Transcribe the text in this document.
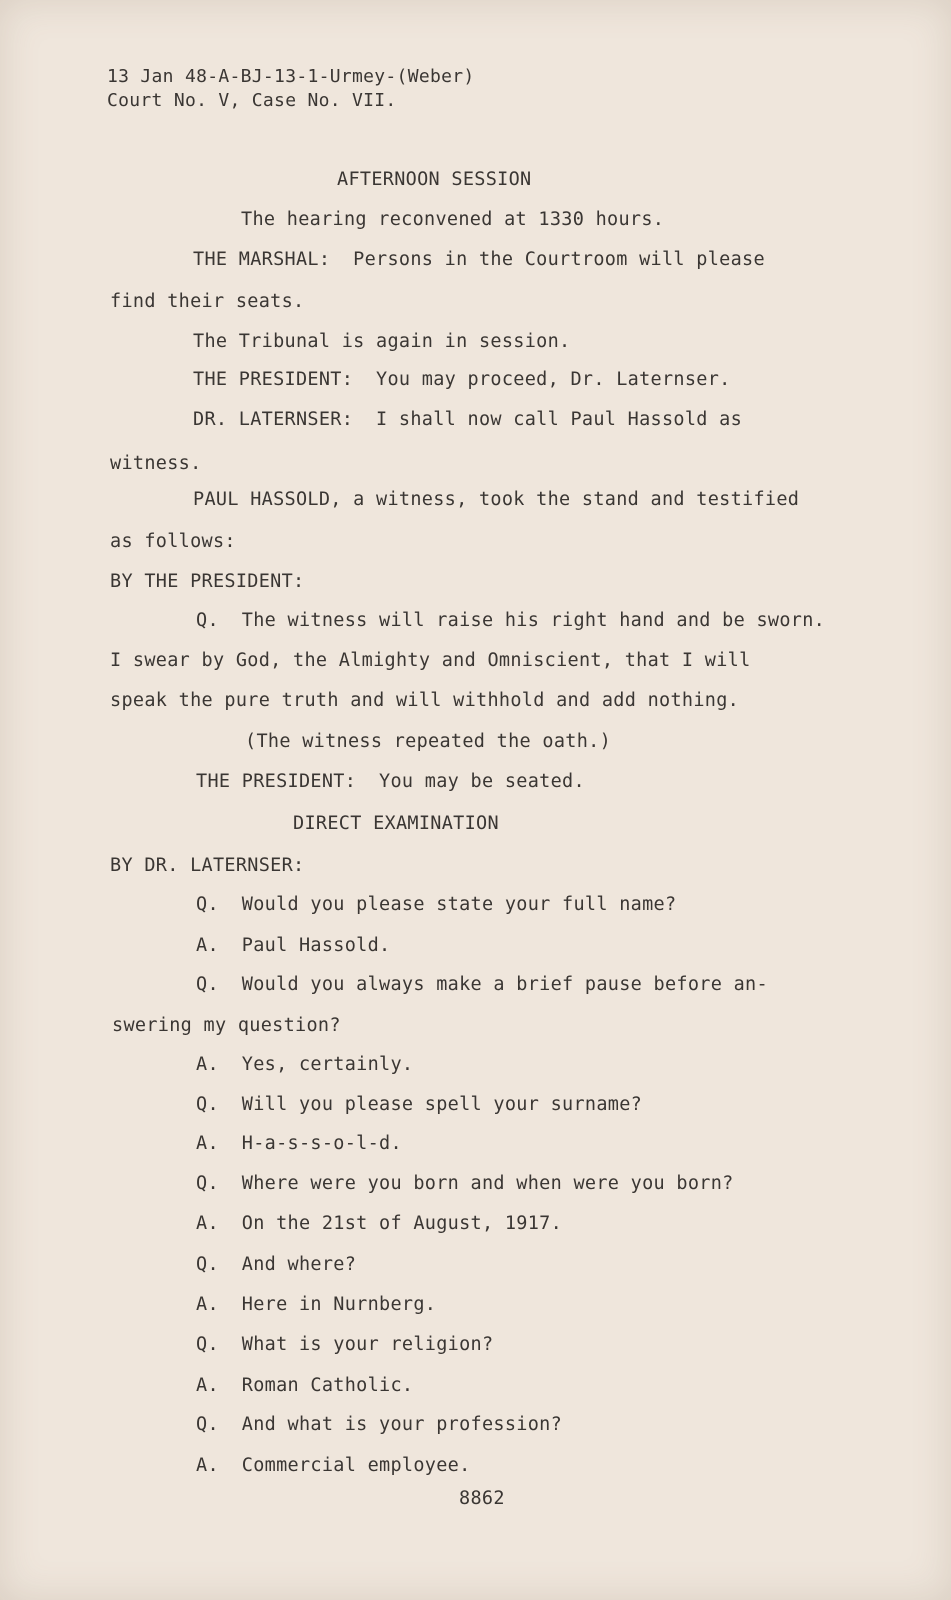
13 Jan 48-A-BJ-13-1-Urmey-(Weber)
Court No. V, Case No. VII.
AFTERNOON SESSION
The hearing reconvened at 1330 hours.
THE MARSHAL: Persons in the Courtroom will please
find their seats.
The Tribunal is again in session.
THE PRESIDENT: You may proceed, Dr. Laternser.
DR. LATERNSER: I shall now call Paul Hassold as
witness.
PAUL HASSOLD, a witness, took the stand and testified
as follows:
BY THE PRESIDENT:
Q. The witness will raise his right hand and be sworn.
I swear by God, the Almighty and Omniscient, that I will
speak the pure truth and will withhold and add nothing.
(The witness repeated the oath.)
THE PRESIDENT: You may be seated.
DIRECT EXAMINATION
BY DR. LATERNSER:
Q. Would you please state your full name?
A. Paul Hassold.
Q. Would you always make a brief pause before an-
swering my question?
A. Yes, certainly.
Q. Will you please spell your surname?
A. H-a-s-s-o-l-d.
Q. Where were you born and when were you born?
A. On the 21st of August, 1917.
Q. And where?
A. Here in Nurnberg.
Q. What is your religion?
A. Roman Catholic.
Q. And what is your profession?
A. Commercial employee.
8862
